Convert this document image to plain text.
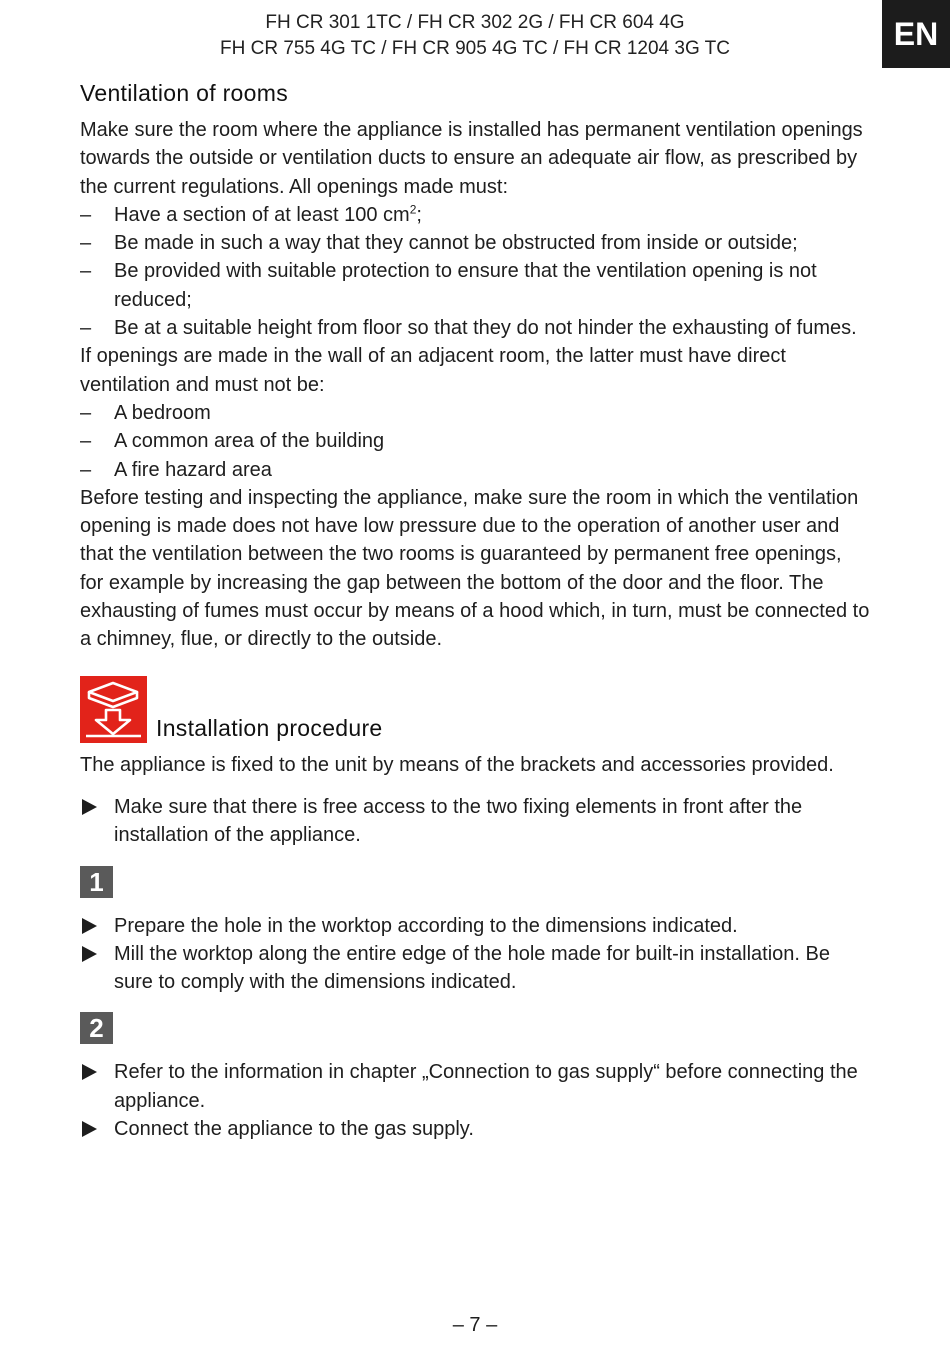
FH CR 301 1TC / FH CR 302 2G / FH CR 604 4G
FH CR 755 4G TC / FH CR 905 4G TC / FH CR 1204 3G TC	EN
Ventilation of rooms

Make sure the room where the appliance is installed has permanent ventilation openings towards the outside or ventilation ducts to ensure an adequate air flow, as prescribed by the current regulations. All openings made must:

– Have a section of at least 100 $cm^2$;
– Be made in such a way that they cannot be obstructed from inside or outside;
– Be provided with suitable protection to ensure that the ventilation opening is not reduced;
– Be at a suitable height from floor so that they do not hinder the exhausting of fumes.

If openings are made in the wall of an adjacent room, the latter must have direct ventilation and must not be:

– A bedroom
– A common area of the building
– A fire hazard area

Before testing and inspecting the appliance, make sure the room in which the ventilation opening is made does not have low pressure due to the operation of another user and that the ventilation between the two rooms is guaranteed by permanent free openings, for example by increasing the gap between the bottom of the door and the floor. The exhausting of fumes must occur by means of a hood which, in turn, must be connected to a chimney, flue, or directly to the outside.

Installation procedure

The appliance is fixed to the unit by means of the brackets and accessories provided.

Make sure that there is free access to the two fixing elements in front after the installation of the appliance.
1
Prepare the hole in the worktop according to the dimensions indicated.
Mill the worktop along the entire edge of the hole made for built-in installation. Be sure to comply with the dimensions indicated.
2
Refer to the information in chapter „Connection to gas supply“ before connecting the appliance.
Connect the appliance to the gas supply.
– 7 –
